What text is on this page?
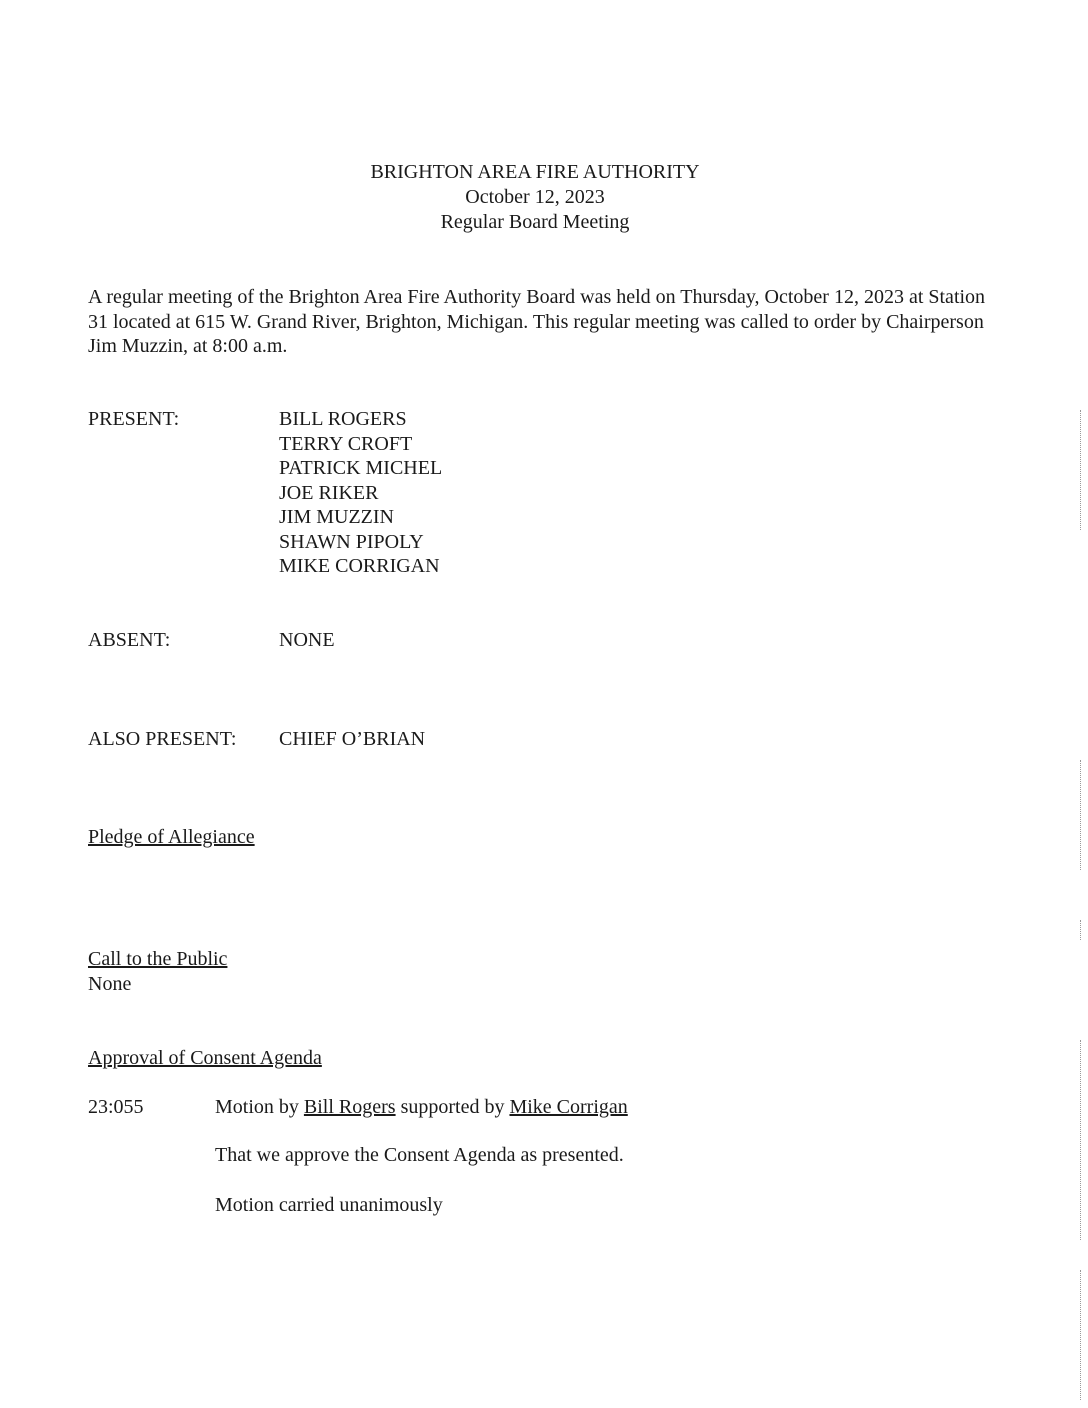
BRIGHTON AREA FIRE AUTHORITY
October 12, 2023
Regular Board Meeting
A regular meeting of the Brighton Area Fire Authority Board was held on Thursday, October 12, 2023 at Station 31 located at 615 W. Grand River, Brighton, Michigan. This regular meeting was called to order by Chairperson Jim Muzzin, at 8:00 a.m.
PRESENT:	BILL ROGERS
TERRY CROFT
PATRICK MICHEL
JOE RIKER
JIM MUZZIN
SHAWN PIPOLY
MIKE CORRIGAN
ABSENT:	NONE
ALSO PRESENT: CHIEF O’BRIAN
Pledge of Allegiance
Call to the Public
None
Approval of Consent Agenda
23:055	Motion by Bill Rogers supported by Mike Corrigan
That we approve the Consent Agenda as presented.
Motion carried unanimously
